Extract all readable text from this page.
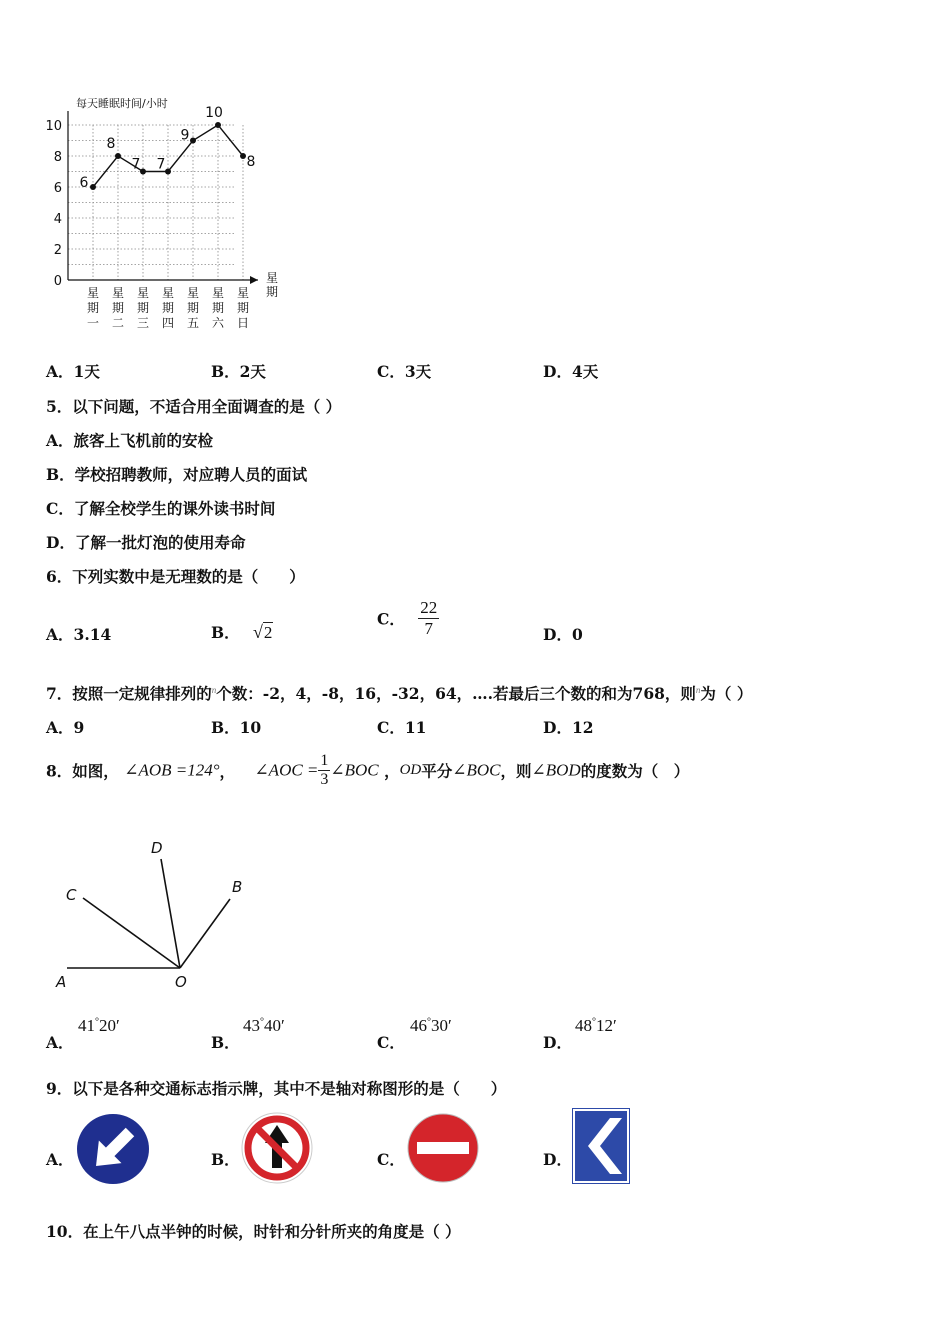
0
2
4
6
8
10
每天睡眠时间/小时
6
8
7 7
9
10
8
星
期
一
星
期
二
星
期
三
星
期
四
星
期
五
星
期
六
星
期
日
星
期
A．1天	B．2天	C．3天	D．4天
5．以下问题，不适合用全面调查的是（ ）
A．旅客上飞机前的安检
B．学校招聘教师，对应聘人员的面试
C．了解全校学生的课外读书时间
D．了解一批灯泡的使用寿命
6．下列实数中是无理数的是（　　）
A．3.14	B． √2
C． $\frac{22}{7}$	D．0
7．按照一定规律排列的$^n$个数：-2，4，-8，16，-32，64，….若最后三个数的和为768，则$^n$为（ ）
A．9	B．10	C．11	D．12
8．如图， ∠AOB =124°， ∠AOC = $\frac{1}{3}$ ∠BOC ，OD平分∠BOC，则∠BOD的度数为（　）
A	O
C
D
B
A．
41°20′
B．
43°40′
C．
46°30′
D．
48°12′
9．以下是各种交通标志指示牌，其中不是轴对称图形的是（　　）
A．	B．	C．	D．
10．在上午八点半钟的时候，时针和分针所夹的角度是（ ）
